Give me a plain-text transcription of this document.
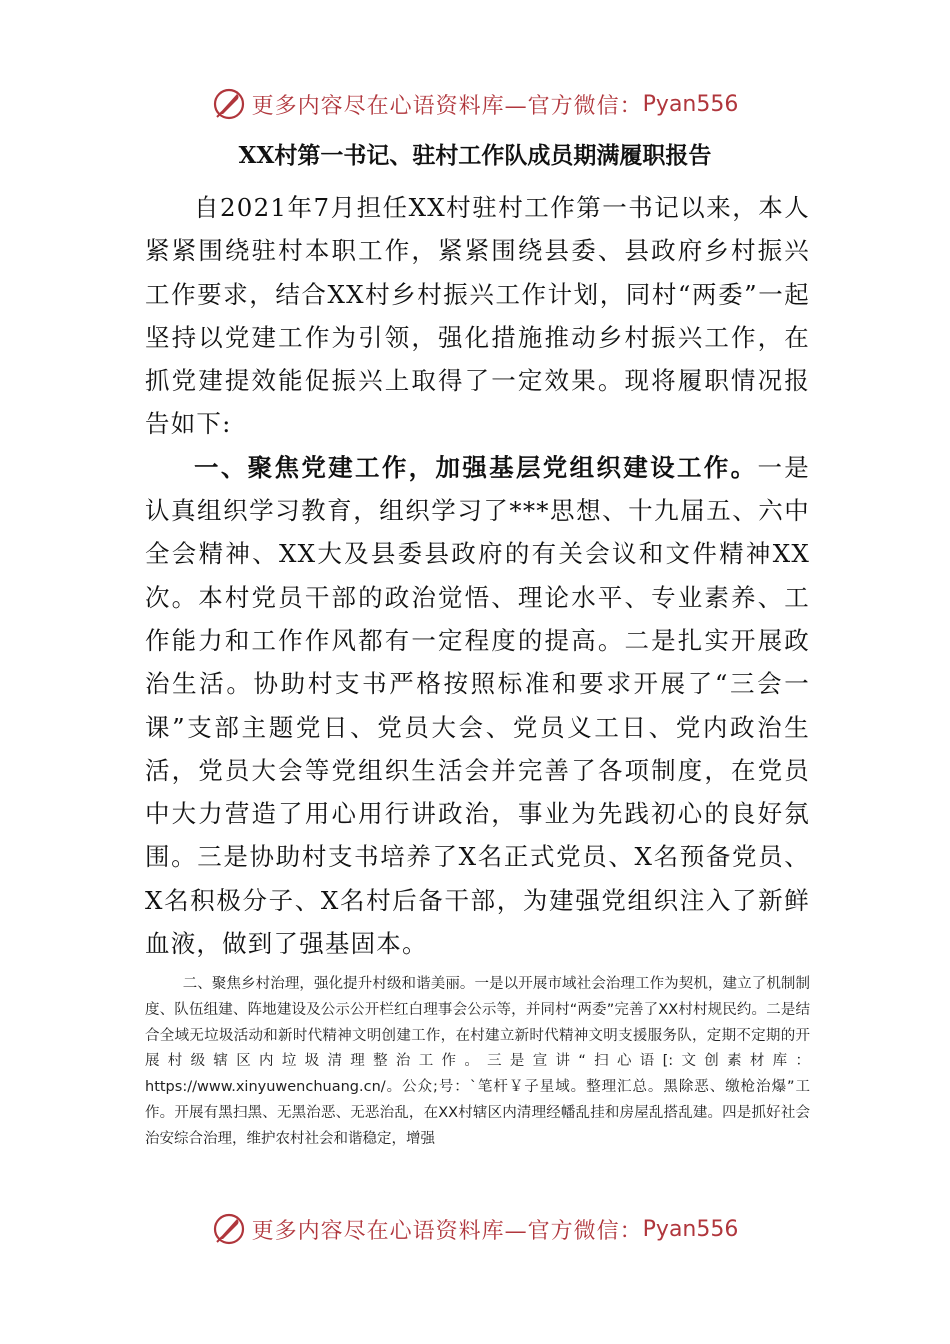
更多内容尽在心语资料库—官方微信： Pyan556
XX村第一书记、驻村工作队成员期满履职报告

自2021年7月担任XX村驻村工作第一书记以来，本人紧紧围绕驻村本职工作，紧紧围绕县委、县政府乡村振兴工作要求，结合XX村乡村振兴工作计划，同村“两委”一起坚持以党建工作为引领，强化措施推动乡村振兴工作，在抓党建提效能促振兴上取得了一定效果。现将履职情况报告如下:

一、聚焦党建工作，加强基层党组织建设工作。一是认真组织学习教育，组织学习了***思想、十九届五、六中全会精神、XX大及县委县政府的有关会议和文件精神XX次。本村党员干部的政治觉悟、理论水平、专业素养、工作能力和工作作风都有一定程度的提高。二是扎实开展政治生活。协助村支书严格按照标准和要求开展了“三会一课”支部主题党日、党员大会、党员义工日、党内政治生活，党员大会等党组织生活会并完善了各项制度，在党员中大力营造了用心用行讲政治，事业为先践初心的良好氛围。三是协助村支书培养了X名正式党员、X名预备党员、X名积极分子、X名村后备干部，为建强党组织注入了新鲜血液，做到了强基固本。

二、聚焦乡村治理，强化提升村级和谐美丽。一是以开展市域社会治理工作为契机，建立了机制制度、队伍组建、阵地建设及公示公开栏红白理事会公示等，并同村“两委”完善了XX村村规民约。二是结合全域无垃圾活动和新时代精神文明创建工作，在村建立新时代精神文明支援服务队，定期不定期的开展村级辖区内垃圾清理整治工作。三是宣讲“扫心语[:文创素材库：https://www.xinyuwenchuang.cn/。公众;号：`笔杆￥子星域。整理汇总。黑除恶、缴枪治爆”工作。开展有黑扫黑、无黑治恶、无恶治乱，在XX村辖区内清理经幡乱挂和房屋乱搭乱建。四是抓好社会治安综合治理，维护农村社会和谐稳定，增强

更多内容尽在心语资料库—官方微信： Pyan556
